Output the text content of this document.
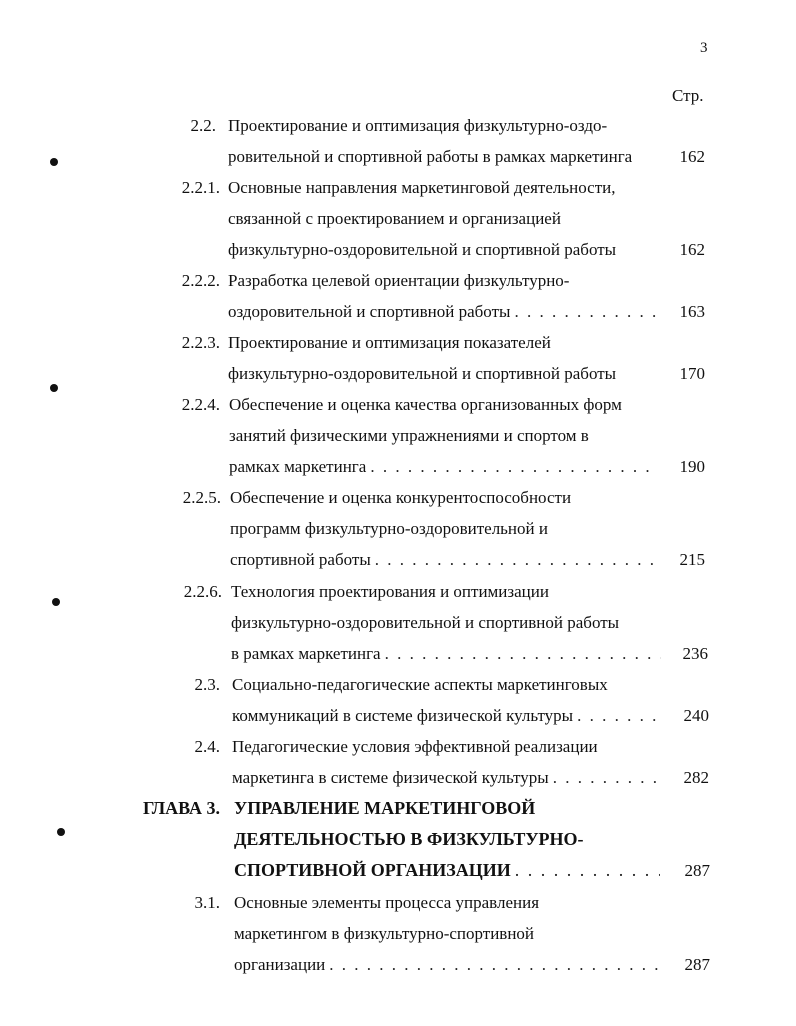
3
Стр.
2.2. Проектирование и оптимизация физкультурно-оздо-
ровительной и спортивной работы в рамках маркетинга	162
2.2.1. Основные направления маркетинговой деятельности,
связанной с проектированием и организацией
физкультурно-оздоровительной и спортивной работы	162
2.2.2. Разработка целевой ориентации физкультурно-
оздоровительной и спортивной работы . . .	163
2.2.3. Проектирование и оптимизация показателей
физкультурно-оздоровительной и спортивной работы	170
2.2.4. Обеспечение и оценка качества организованных форм
занятий физическими упражнениями и спортом в
рамках маркетинга . . .	190
2.2.5. Обеспечение и оценка конкурентоспособности
программ физкультурно-оздоровительной и
спортивной работы . . .	215
2.2.6. Технология проектирования и оптимизации
физкультурно-оздоровительной и спортивной работы
в рамках маркетинга . . .	236
2.3. Социально-педагогические аспекты маркетинговых
коммуникаций в системе физической культуры . . .	240
2.4. Педагогические условия эффективной реализации
маркетинга в системе физической культуры . . .	282
ГЛАВА 3. УПРАВЛЕНИЕ МАРКЕТИНГОВОЙ
ДЕЯТЕЛЬНОСТЬЮ В ФИЗКУЛЬТУРНО-
СПОРТИВНОЙ ОРГАНИЗАЦИИ . . .	287
3.1. Основные элементы процесса управления
маркетингом в физкультурно-спортивной
организации . . .	287
